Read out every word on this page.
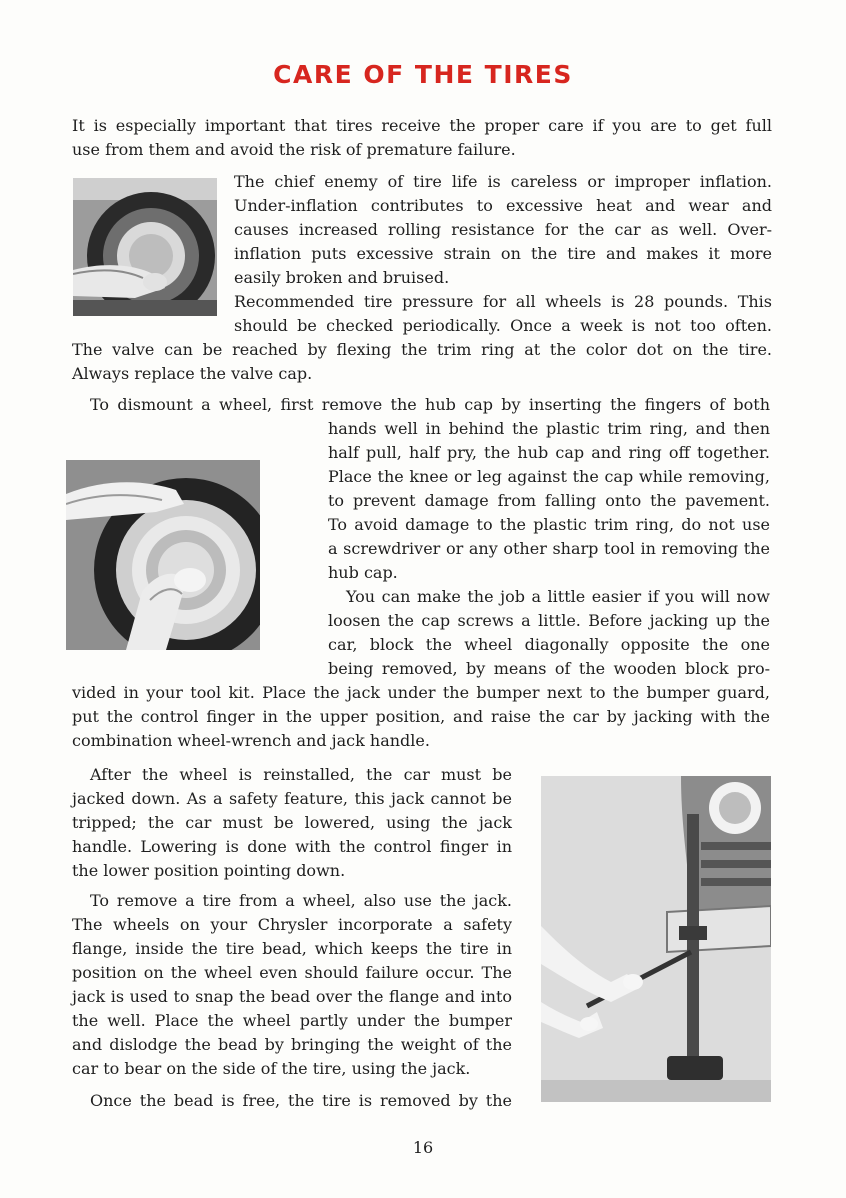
CARE OF THE TIRES
It is especially important that tires receive the proper care if you are to get full
use from them and avoid the risk of premature failure.
The chief enemy of tire life is careless or improper inflation.
Under-inflation contributes to excessive heat and wear and
causes increased rolling resistance for the car as well. Over-
inflation puts excessive strain on the tire and makes it more
easily broken and bruised.
Recommended tire pressure for all wheels is 28 pounds. This
should be checked periodically. Once a week is not too often.
The valve can be reached by flexing the trim ring at the color dot on the tire.
Always replace the valve cap.
To dismount a wheel, first remove the hub cap by inserting the fingers of both
hands well in behind the plastic trim ring, and then
half pull, half pry, the hub cap and ring off together.
Place the knee or leg against the cap while removing,
to prevent damage from falling onto the pavement.
To avoid damage to the plastic trim ring, do not use
a screwdriver or any other sharp tool in removing the
hub cap.
You can make the job a little easier if you will now
loosen the cap screws a little. Before jacking up the
car, block the wheel diagonally opposite the one
being removed, by means of the wooden block pro-
vided in your tool kit. Place the jack under the bumper next to the bumper guard,
put the control finger in the upper position, and raise the car by jacking with the
combination wheel-wrench and jack handle.
After the wheel is reinstalled, the car must be
jacked down. As a safety feature, this jack cannot be
tripped; the car must be lowered, using the jack
handle. Lowering is done with the control finger in
the lower position pointing down.
To remove a tire from a wheel, also use the jack.
The wheels on your Chrysler incorporate a safety
flange, inside the tire bead, which keeps the tire in
position on the wheel even should failure occur. The
jack is used to snap the bead over the flange and into
the well. Place the wheel partly under the bumper
and dislodge the bead by bringing the weight of the
car to bear on the side of the tire, using the jack.
Once the bead is free, the tire is removed by the
16
